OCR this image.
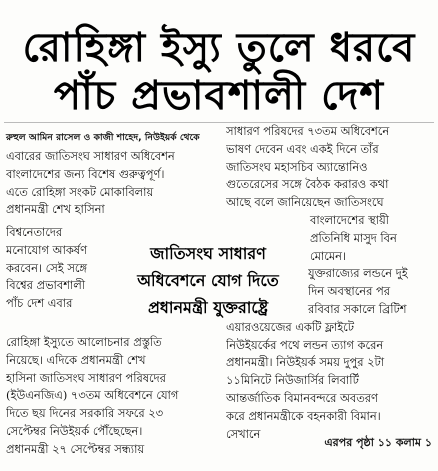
রোহিঙ্গা ইস্যু তুলে ধরবে
পাঁচ প্রভাবশালী দেশ
রুহুল আমিন রাসেল ও কাজী শাহেদ, নিউইয়র্ক থেকে
এবারের জাতিসংঘ সাধারণ অধিবেশন
বাংলাদেশের জন্য বিশেষ গুরুত্বপূর্ণ।
এতে রোহিঙ্গা সংকট মোকাবিলায়
প্রধানমন্ত্রী শেখ হাসিনা
বিশ্বনেতাদের
মনোযোগ আকর্ষণ
করবেন। সেই সঙ্গে
বিশ্বের প্রভাবশালী
পাঁচ দেশ এবার
জাতিসংঘ সাধারণ
অধিবেশনে যোগ দিতে
প্রধানমন্ত্রী যুক্তরাষ্ট্রে
রোহিঙ্গা ইস্যুতে আলোচনার প্রস্তুতি
নিয়েছে। এদিকে প্রধানমন্ত্রী শেখ
হাসিনা জাতিসংঘ সাধারণ পরিষদের
(ইউএনজিএ) ৭৩তম অধিবেশনে যোগ
দিতে ছয় দিনের সরকারি সফরে ২৩
সেপ্টেম্বর নিউইয়র্ক পৌঁছেছেন।
প্রধানমন্ত্রী ২৭ সেপ্টেম্বর সন্ধ্যায়
সাধারণ পরিষদের ৭৩তম অধিবেশনে
ভাষণ দেবেন এবং একই দিনে তাঁর
জাতিসংঘ মহাসচিব অ্যান্তোনিও
গুতেরেসের সঙ্গে বৈঠক করারও কথা
আছে বলে জানিয়েছেন জাতিসংঘে
বাংলাদেশের স্থায়ী
প্রতিনিধি মাসুদ বিন
মোমেন।
যুক্তরাজ্যের লন্ডনে দুই
দিন অবস্থানের পর
রবিবার সকালে ব্রিটিশ
এয়ারওয়েজের একটি ফ্লাইটে
নিউইয়র্কের পথে লন্ডন ত্যাগ করেন
প্রধানমন্ত্রী। নিউইয়র্ক সময় দুপুর ২টা
১১মিনিটে নিউজার্সির লিবার্টি
আন্তর্জাতিক বিমানবন্দরে অবতরণ
করে প্রধানমন্ত্রীকে বহনকারী বিমান।
সেখানে
এরপর পৃষ্ঠা ১১ কলাম ১
